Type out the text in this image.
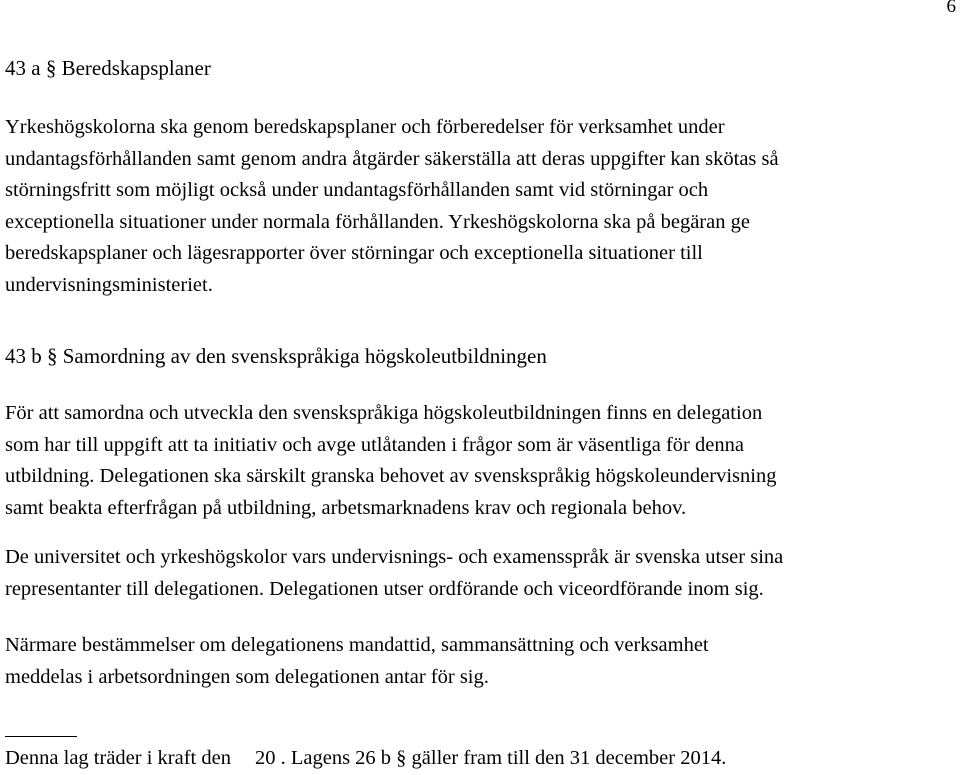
6
43 a § Beredskapsplaner
Yrkeshögskolorna ska genom beredskapsplaner och förberedelser för verksamhet under
undantagsförhållanden samt genom andra åtgärder säkerställa att deras uppgifter kan skötas så
störningsfritt som möjligt också under undantagsförhållanden samt vid störningar och
exceptionella situationer under normala förhållanden. Yrkeshögskolorna ska på begäran ge
beredskapsplaner och lägesrapporter över störningar och exceptionella situationer till
undervisningsministeriet.
43 b § Samordning av den svenskspråkiga högskoleutbildningen
För att samordna och utveckla den svenskspråkiga högskoleutbildningen finns en delegation
som har till uppgift att ta initiativ och avge utlåtanden i frågor som är väsentliga för denna
utbildning. Delegationen ska särskilt granska behovet av svenskspråkig högskoleundervisning
samt beakta efterfrågan på utbildning, arbetsmarknadens krav och regionala behov.
De universitet och yrkeshögskolor vars undervisnings- och examensspråk är svenska utser sina
representanter till delegationen. Delegationen utser ordförande och viceordförande inom sig.
Närmare bestämmelser om delegationens mandattid, sammansättning och verksamhet
meddelas i arbetsordningen som delegationen antar för sig.
Denna lag träder i kraft den 20 . Lagens 26 b § gäller fram till den 31 december 2014.
